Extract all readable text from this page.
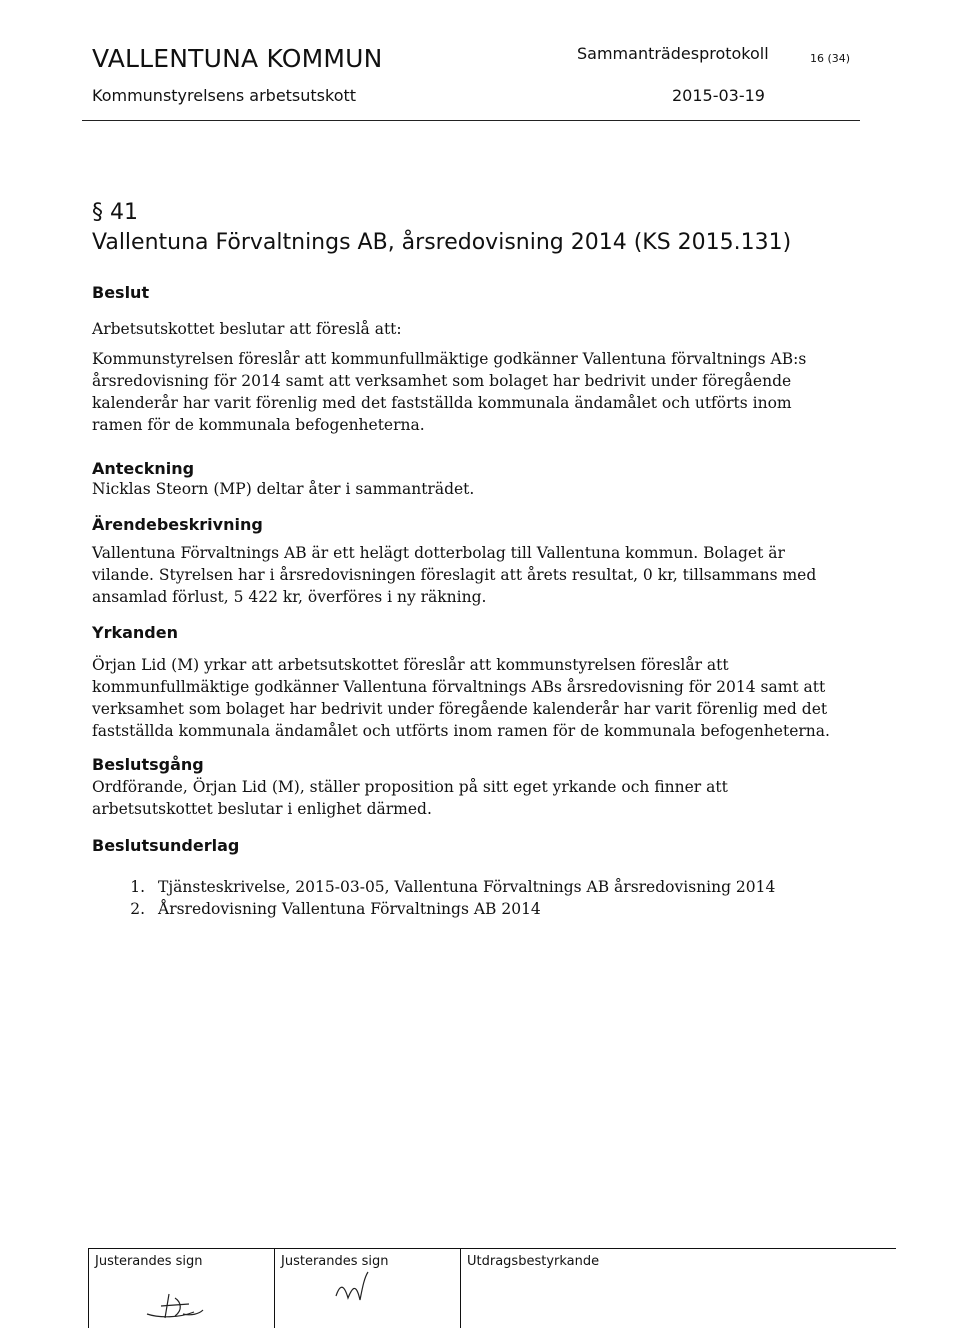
VALLENTUNA KOMMUN	Sammanträdesprotokoll	16 (34)
Kommunstyrelsens arbetsutskott	2015-03-19
§ 41
Vallentuna Förvaltnings AB, årsredovisning 2014 (KS 2015.131)
Beslut
Arbetsutskottet beslutar att föreslå att:
Kommunstyrelsen föreslår att kommunfullmäktige godkänner Vallentuna förvaltnings AB:s årsredovisning för 2014 samt att verksamhet som bolaget har bedrivit under föregående kalenderår har varit förenlig med det fastställda kommunala ändamålet och utförts inom ramen för de kommunala befogenheterna.
Anteckning
Nicklas Steorn (MP) deltar åter i sammanträdet.
Ärendebeskrivning
Vallentuna Förvaltnings AB är ett helägt dotterbolag till Vallentuna kommun. Bolaget är vilande. Styrelsen har i årsredovisningen föreslagit att årets resultat, 0 kr, tillsammans med ansamlad förlust, 5 422 kr, överföres i ny räkning.
Yrkanden
Örjan Lid (M) yrkar att arbetsutskottet föreslår att kommunstyrelsen föreslår att kommunfullmäktige godkänner Vallentuna förvaltnings ABs årsredovisning för 2014 samt att verksamhet som bolaget har bedrivit under föregående kalenderår har varit förenlig med det fastställda kommunala ändamålet och utförts inom ramen för de kommunala befogenheterna.
Beslutsgång
Ordförande, Örjan Lid (M), ställer proposition på sitt eget yrkande och finner att arbetsutskottet beslutar i enlighet därmed.
Beslutsunderlag
1. Tjänsteskrivelse, 2015-03-05, Vallentuna Förvaltnings AB årsredovisning 2014
2. Årsredovisning Vallentuna Förvaltnings AB 2014
Justerandes sign	Justerandes sign	Utdragsbestyrkande
